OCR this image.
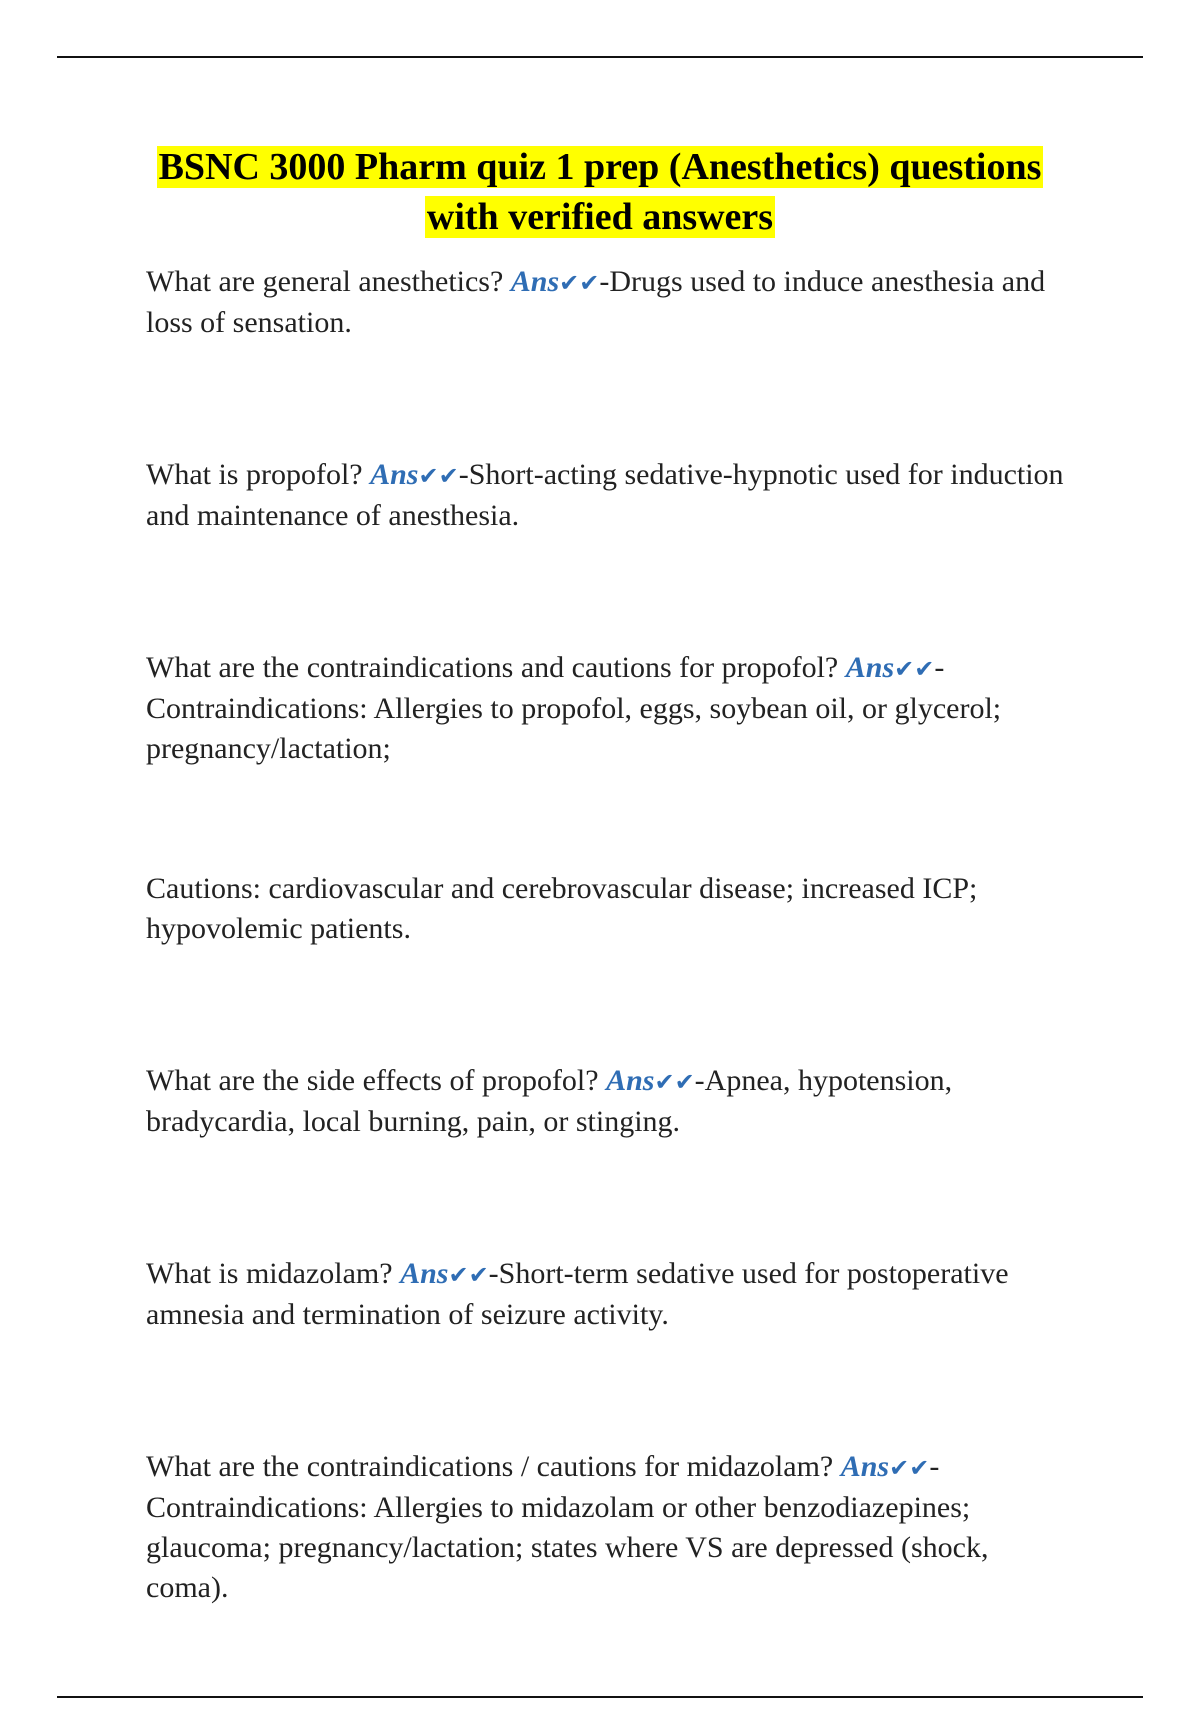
BSNC 3000 Pharm quiz 1 prep (Anesthetics) questions
with verified answers

What are general anesthetics? Ans✔✔-Drugs used to induce anesthesia and loss of sensation.

What is propofol? Ans✔✔-Short-acting sedative-hypnotic used for induction and maintenance of anesthesia.

What are the contraindications and cautions for propofol? Ans✔✔-Contraindications: Allergies to propofol, eggs, soybean oil, or glycerol; pregnancy/lactation;

Cautions: cardiovascular and cerebrovascular disease; increased ICP; hypovolemic patients.

What are the side effects of propofol? Ans✔✔-Apnea, hypotension, bradycardia, local burning, pain, or stinging.

What is midazolam? Ans✔✔-Short-term sedative used for postoperative amnesia and termination of seizure activity.

What are the contraindications / cautions for midazolam? Ans✔✔-Contraindications: Allergies to midazolam or other benzodiazepines; glaucoma; pregnancy/lactation; states where VS are depressed (shock, coma).
